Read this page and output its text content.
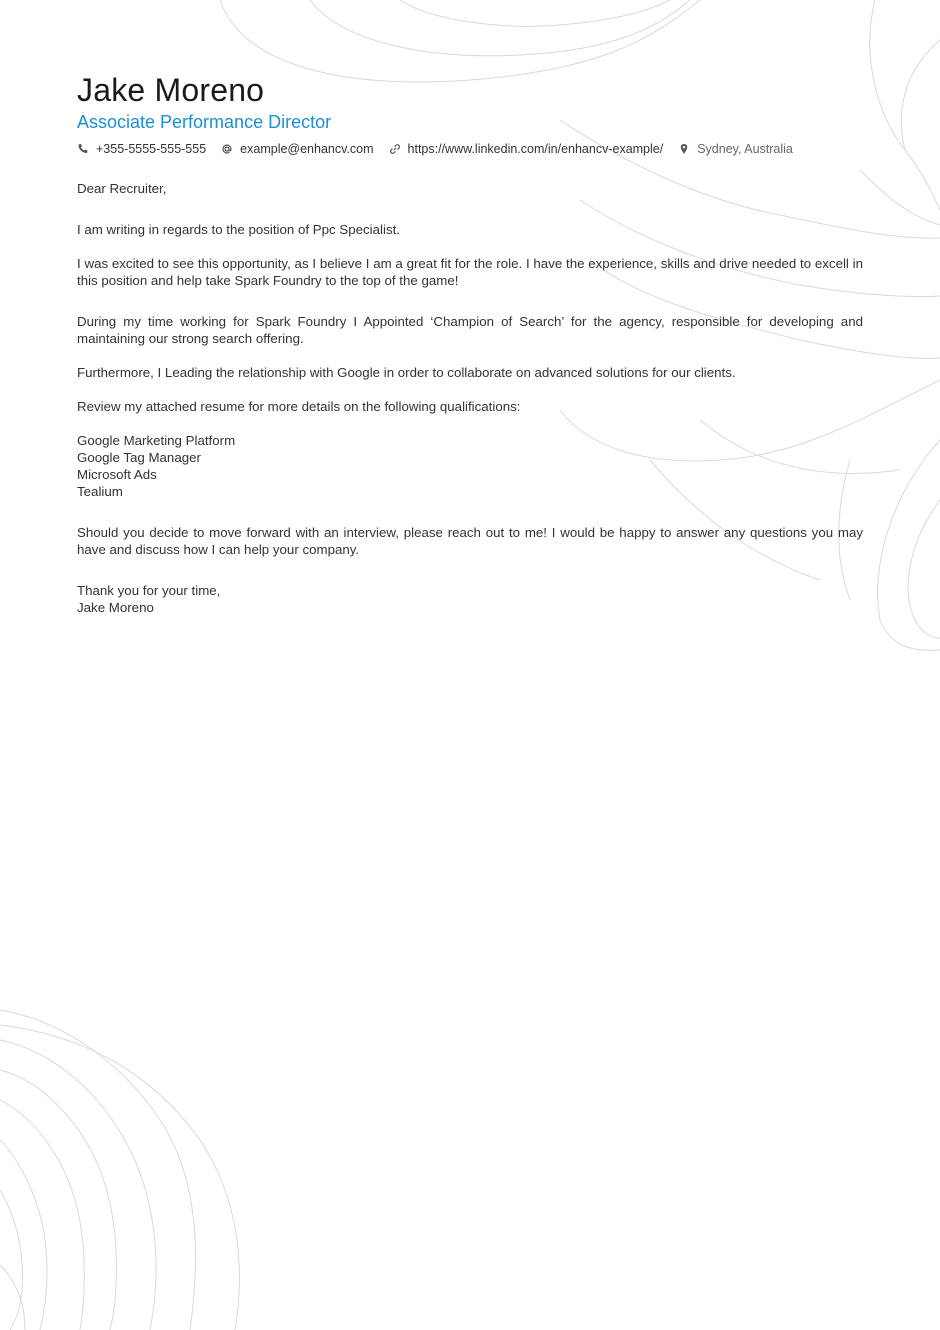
Jake Moreno
Associate Performance Director
+355-5555-555-555	example@enhancv.com	https://www.linkedin.com/in/enhancv-example/	Sydney, Australia

Dear Recruiter,

I am writing in regards to the position of Ppc Specialist.

I was excited to see this opportunity, as I believe I am a great fit for the role. I have the experience, skills and drive needed to excell in this position and help take Spark Foundry to the top of the game!

During my time working for Spark Foundry I Appointed ‘Champion of Search’ for the agency, responsible for developing and maintaining our strong search offering.

Furthermore, I Leading the relationship with Google in order to collaborate on advanced solutions for our clients.

Review my attached resume for more details on the following qualifications:

Google Marketing Platform
Google Tag Manager
Microsoft Ads
Tealium

Should you decide to move forward with an interview, please reach out to me! I would be happy to answer any questions you may have and discuss how I can help your company.

Thank you for your time,

Jake Moreno
